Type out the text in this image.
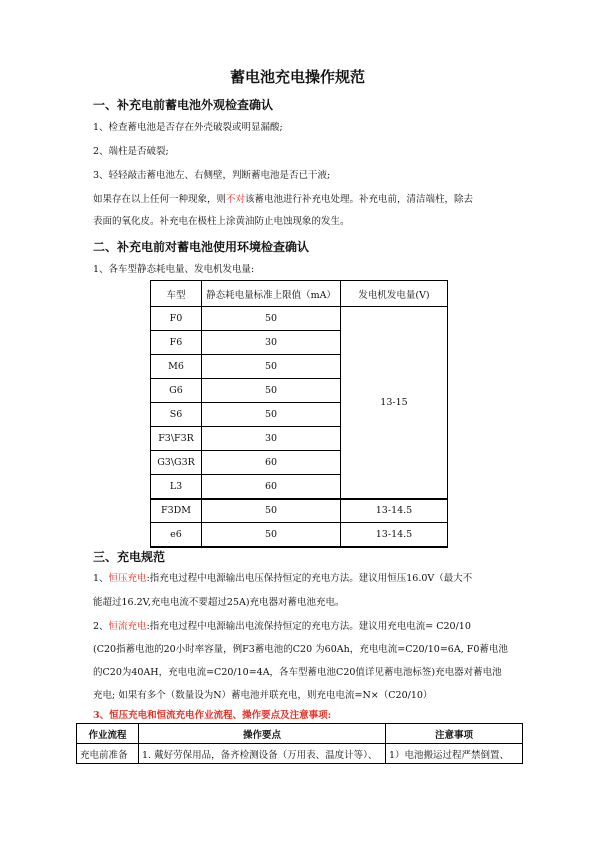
蓄电池充电操作规范
一、补充电前蓄电池外观检查确认
1、检查蓄电池是否存在外壳破裂或明显漏酸;
2、端柱是否破裂;
3、轻轻敲击蓄电池左、右侧壁，判断蓄电池是否已干液;
如果存在以上任何一种现象，则不对该蓄电池进行补充电处理。补充电前，清洁端柱，除去
表面的氧化皮。补充电在极柱上涂黄油防止电蚀现象的发生。
二、补充电前对蓄电池使用环境检查确认
1、各车型静态耗电量、发电机发电量:
车型	静态耗电量标准上限值（mA）	发电机发电量(V)
F0	50	13-15
F6	30	
M6	50	
G6	50	
S6	50	
F3\F3R	30	
G3\G3R	60	
L3	60	
F3DM	50	13-14.5
e6	50	13-14.5
三、充电规范
1、恒压充电:指充电过程中电源输出电压保持恒定的充电方法。建议用恒压16.0V（最大不
能超过16.2V,充电电流不要超过25A)充电器对蓄电池充电。
2、恒流充电:指充电过程中电源输出电流保持恒定的充电方法。建议用充电电流= C20/10
(C20指蓄电池的20小时率容量，例F3蓄电池的C20 为60Ah，充电电流=C20/10=6A, F0蓄电池
的C20为40AH，充电电流=C20/10=4A，各车型蓄电池C20值详见蓄电池标签)充电器对蓄电池
充电; 如果有多个（数量设为N）蓄电池并联充电，则充电电流=N×（C20/10）
3、恒压充电和恒流充电作业流程、操作要点及注意事项:
作业流程	操作要点	注意事项
充电前准备	1. 戴好劳保用品，备齐检测设备（万用表、温度计等）、	1）电池搬运过程严禁倒置、
